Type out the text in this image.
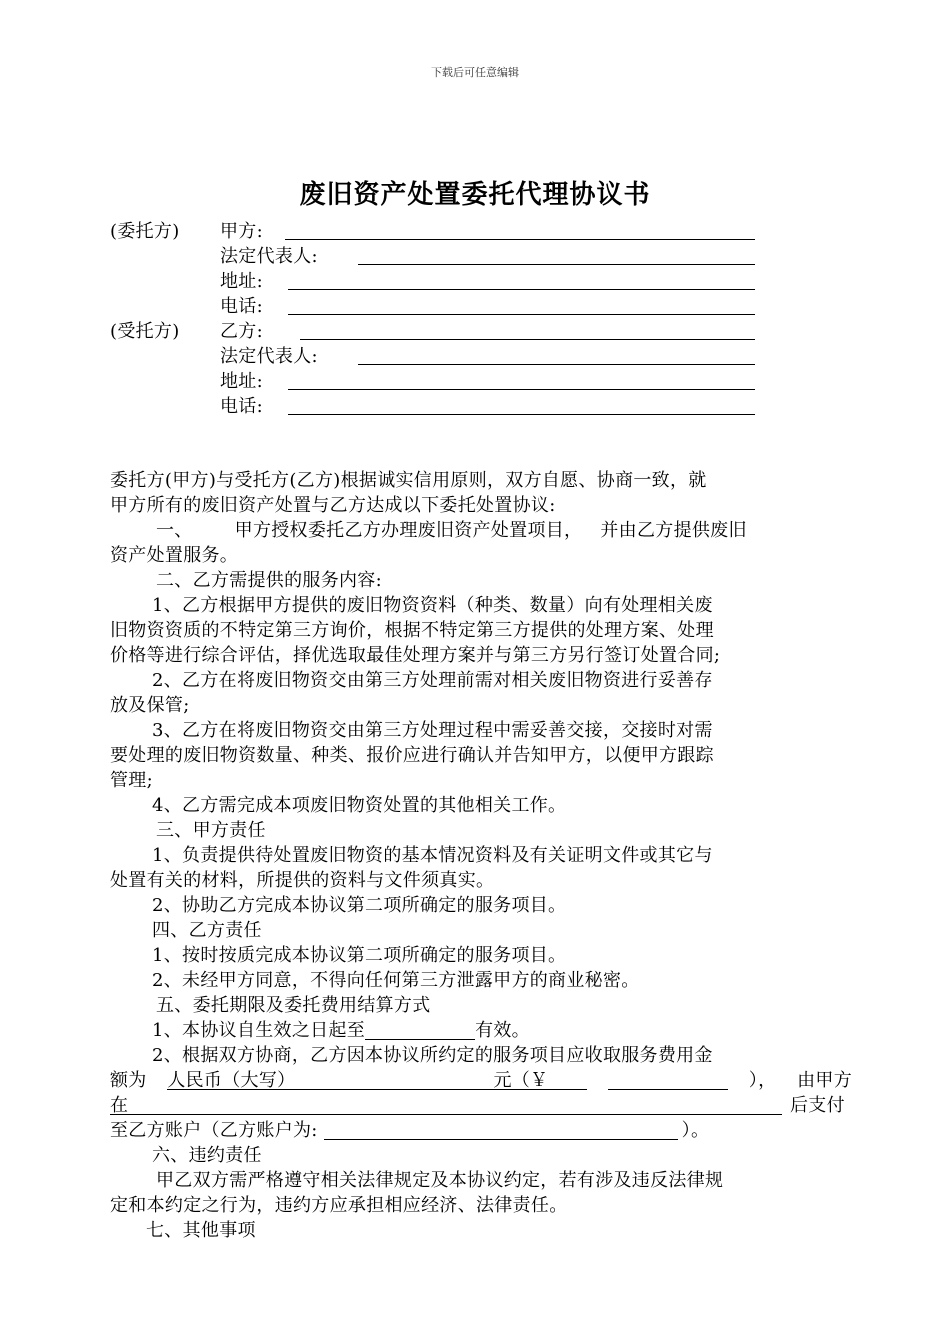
下载后可任意编辑
废旧资产处置委托代理协议书
(委托方) 甲方:
法定代表人:
地址:
电话:
(受托方) 乙方:
法定代表人:
地址:
电话:
委托方(甲方)与受托方(乙方)根据诚实信用原则，双方自愿、协商一致，就
甲方所有的废旧资产处置与乙方达成以下委托处置协议:
一、 甲方授权委托乙方办理废旧资产处置项目， 并由乙方提供废旧
资产处置服务。
二、乙方需提供的服务内容:
1、乙方根据甲方提供的废旧物资资料（种类、数量）向有处理相关废
旧物资资质的不特定第三方询价，根据不特定第三方提供的处理方案、处理
价格等进行综合评估，择优选取最佳处理方案并与第三方另行签订处置合同;
2、乙方在将废旧物资交由第三方处理前需对相关废旧物资进行妥善存
放及保管;
3、乙方在将废旧物资交由第三方处理过程中需妥善交接，交接时对需
要处理的废旧物资数量、种类、报价应进行确认并告知甲方，以便甲方跟踪
管理;
4、乙方需完成本项废旧物资处置的其他相关工作。
三、甲方责任
1、负责提供待处置废旧物资的基本情况资料及有关证明文件或其它与
处置有关的材料，所提供的资料与文件须真实。
2、协助乙方完成本协议第二项所确定的服务项目。
四、乙方责任
1、按时按质完成本协议第二项所确定的服务项目。
2、未经甲方同意，不得向任何第三方泄露甲方的商业秘密。
五、委托期限及委托费用结算方式
1、本协议自生效之日起至	有效。
2、根据双方协商，乙方因本协议所约定的服务项目应收取服务费用金
额为 人民币（大写）	元（￥	）， 由甲方
在	后支付
至乙方账户（乙方账户为:	）。
六、违约责任
甲乙双方需严格遵守相关法律规定及本协议约定，若有涉及违反法律规
定和本约定之行为，违约方应承担相应经济、法律责任。
七、其他事项
